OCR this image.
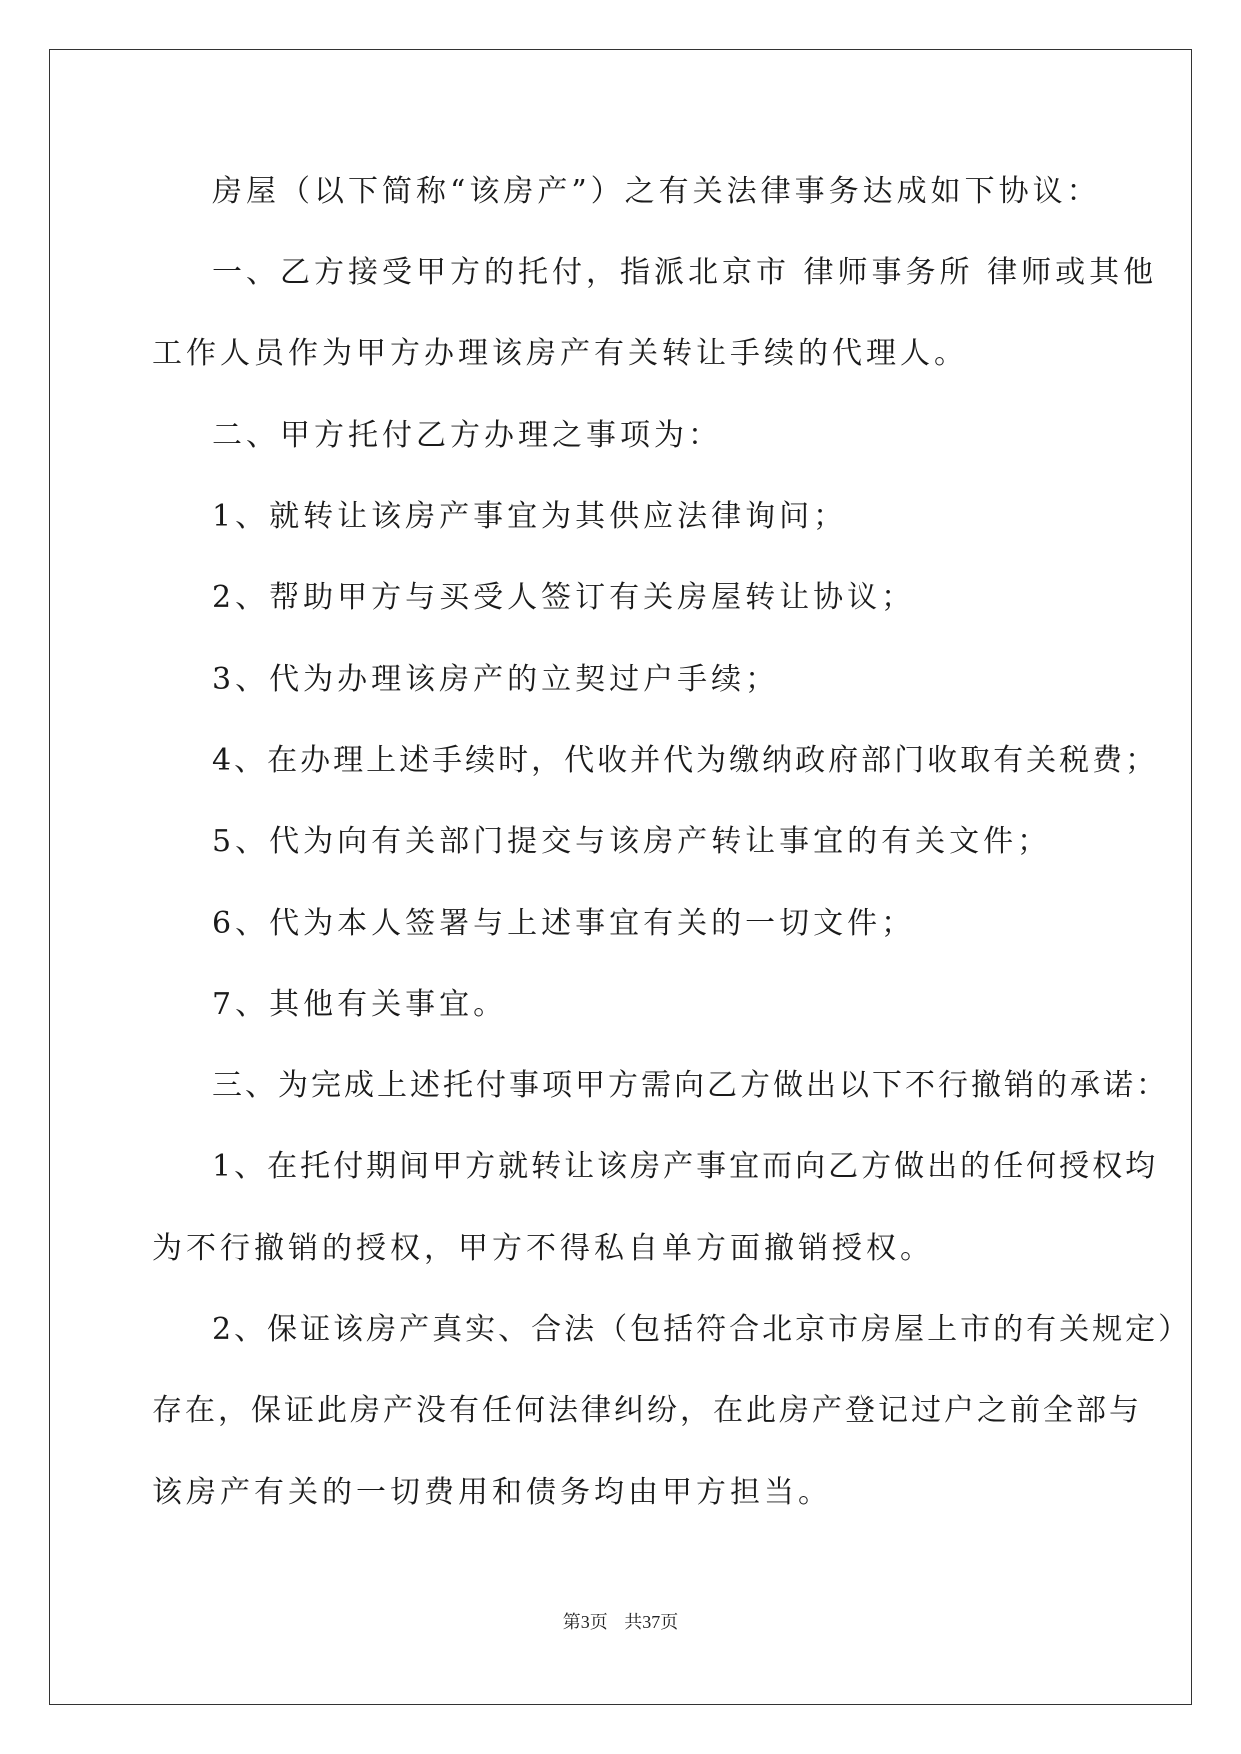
房屋（以下简称“该房产”）之有关法律事务达成如下协议：
一、乙方接受甲方的托付，指派北京市 律师事务所 律师或其他
工作人员作为甲方办理该房产有关转让手续的代理人。
二、甲方托付乙方办理之事项为：
1、就转让该房产事宜为其供应法律询问；
2、帮助甲方与买受人签订有关房屋转让协议；
3、代为办理该房产的立契过户手续；
4、在办理上述手续时，代收并代为缴纳政府部门收取有关税费；
5、代为向有关部门提交与该房产转让事宜的有关文件；
6、代为本人签署与上述事宜有关的一切文件；
7、其他有关事宜。
三、为完成上述托付事项甲方需向乙方做出以下不行撤销的承诺：
1、在托付期间甲方就转让该房产事宜而向乙方做出的任何授权均
为不行撤销的授权，甲方不得私自单方面撤销授权。
2、保证该房产真实、合法（包括符合北京市房屋上市的有关规定）
存在，保证此房产没有任何法律纠纷，在此房产登记过户之前全部与
该房产有关的一切费用和债务均由甲方担当。
第3页 共37页
